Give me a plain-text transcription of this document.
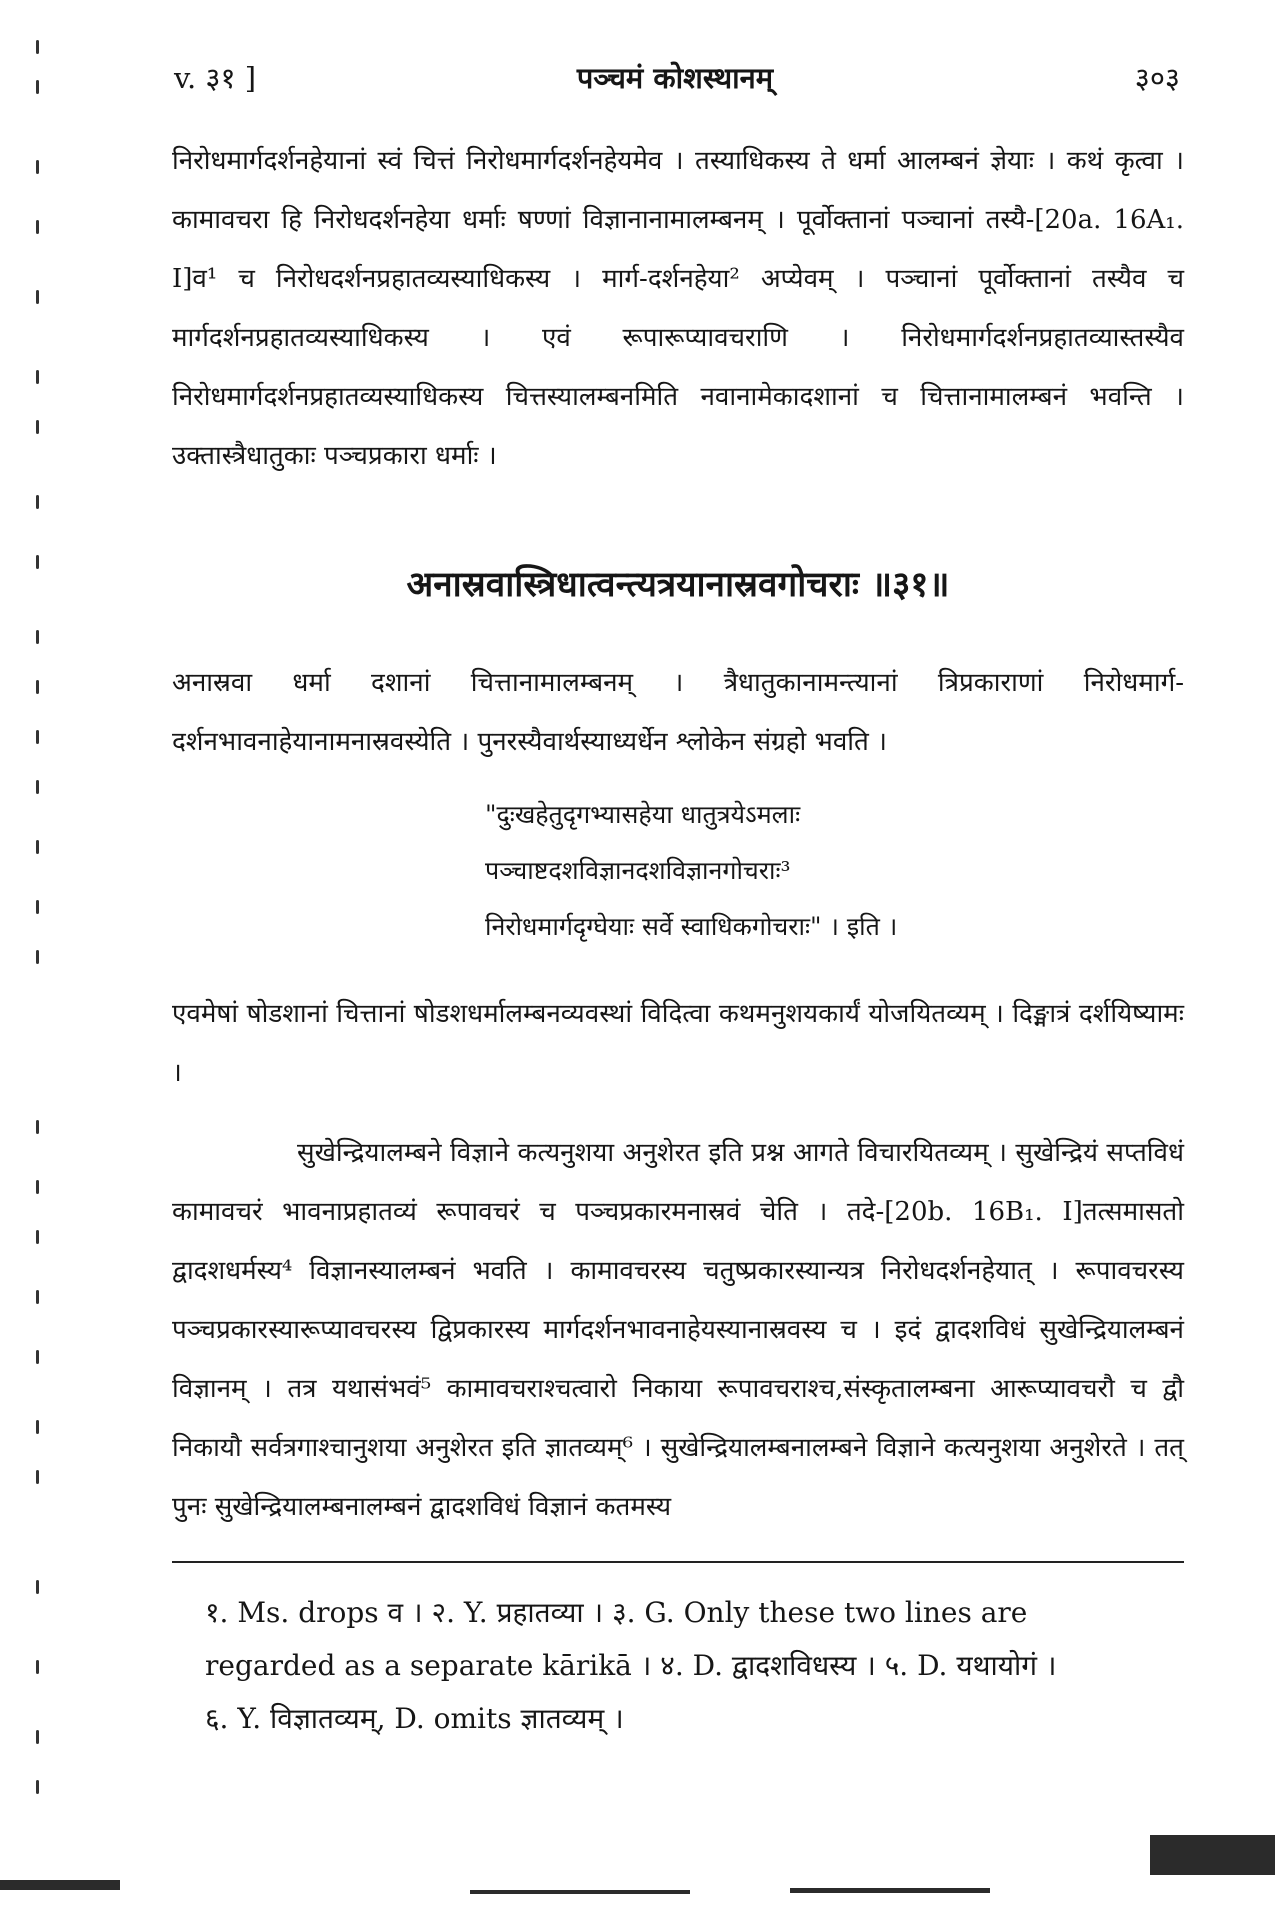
v. ३१ ]	पञ्चमं कोशस्थानम्	३०३
निरोधमार्गदर्शनहेयानां स्वं चित्तं निरोधमार्गदर्शनहेयमेव । तस्याधिकस्य ते धर्मा आलम्बनं ज्ञेयाः । कथं कृत्वा । कामावचरा हि निरोधदर्शनहेया धर्माः षण्णां विज्ञानानामालम्बनम् । पूर्वोक्तानां पञ्चानां तस्यै-[20a. 16A₁. I]व¹ च निरोधदर्शनप्रहातव्यस्याधिकस्य । मार्ग-दर्शनहेया² अप्येवम् । पञ्चानां पूर्वोक्तानां तस्यैव च मार्गदर्शनप्रहातव्यस्याधिकस्य । एवं रूपारूप्यावचराणि । निरोधमार्गदर्शनप्रहातव्यास्तस्यैव निरोधमार्गदर्शनप्रहातव्यस्याधिकस्य चित्तस्यालम्बनमिति नवानामेकादशानां च चित्तानामालम्बनं भवन्ति । उक्तास्त्रैधातुकाः पञ्चप्रकारा धर्माः ।
अनास्रवास्त्रिधात्वन्त्यत्रयानास्रवगोचराः ॥३१॥
अनास्रवा धर्मा दशानां चित्तानामालम्बनम् । त्रैधातुकानामन्त्यानां त्रिप्रकाराणां निरोधमार्ग-दर्शनभावनाहेयानामनास्रवस्येति । पुनरस्यैवार्थस्याध्यर्धेन श्लोकेन संग्रहो भवति ।
"दुःखहेतुदृगभ्यासहेया धातुत्रयेऽमलाः
पञ्चाष्टदशविज्ञानदशविज्ञानगोचराः³
निरोधमार्गदृग्घेयाः सर्वे स्वाधिकगोचराः" । इति ।
एवमेषां षोडशानां चित्तानां षोडशधर्मालम्बनव्यवस्थां विदित्वा कथमनुशयकार्यं योजयितव्यम् । दिङ्मात्रं दर्शयिष्यामः ।
सुखेन्द्रियालम्बने विज्ञाने कत्यनुशया अनुशेरत इति प्रश्न आगते विचारयितव्यम् । सुखेन्द्रियं सप्तविधं कामावचरं भावनाप्रहातव्यं रूपावचरं च पञ्चप्रकारमनास्रवं चेति । तदे-[20b. 16B₁. I]तत्समासतो द्वादशधर्मस्य⁴ विज्ञानस्यालम्बनं भवति । कामावचरस्य चतुष्प्रकारस्यान्यत्र निरोधदर्शनहेयात् । रूपावचरस्य पञ्चप्रकारस्यारूप्यावचरस्य द्विप्रकारस्य मार्गदर्शनभावनाहेयस्यानास्रवस्य च । इदं द्वादशविधं सुखेन्द्रियालम्बनं विज्ञानम् । तत्र यथासंभवं⁵ कामावचराश्चत्वारो निकाया रूपावचराश्च,संस्कृतालम्बना आरूप्यावचरौ च द्वौ निकायौ सर्वत्रगाश्चानुशया अनुशेरत इति ज्ञातव्यम्⁶ । सुखेन्द्रियालम्बनालम्बने विज्ञाने कत्यनुशया अनुशेरते । तत् पुनः सुखेन्द्रियालम्बनालम्बनं द्वादशविधं विज्ञानं कतमस्य
१. Ms. drops व । २. Y. प्रहातव्या । ३. G. Only these two lines are
regarded as a separate kārikā । ४. D. द्वादशविधस्य । ५. D. यथायोगं ।
६. Y. विज्ञातव्यम्, D. omits ज्ञातव्यम् ।
